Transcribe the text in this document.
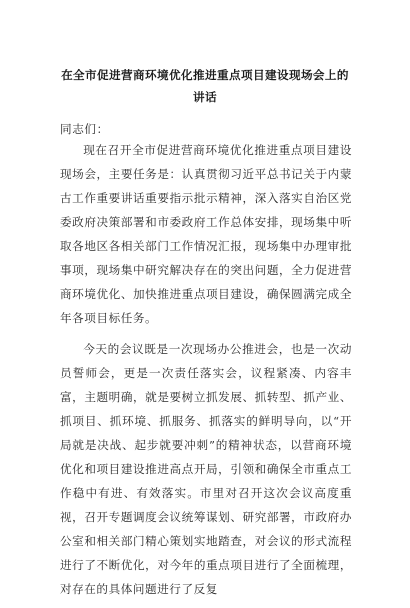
在全市促进营商环境优化推进重点项目建设现场会上的讲话
同志们：

现在召开全市促进营商环境优化推进重点项目建设现场会，主要任务是：认真贯彻习近平总书记关于内蒙古工作重要讲话重要指示批示精神，深入落实自治区党委政府决策部署和市委政府工作总体安排，现场集中听取各地区各相关部门工作情况汇报，现场集中办理审批事项，现场集中研究解决存在的突出问题，全力促进营商环境优化、加快推进重点项目建设，确保圆满完成全年各项目标任务。

今天的会议既是一次现场办公推进会，也是一次动员誓师会，更是一次责任落实会，议程紧凑、内容丰富，主题明确，就是要树立抓发展、抓转型、抓产业、抓项目、抓环境、抓服务、抓落实的鲜明导向，以“开局就是决战、起步就要冲刺”的精神状态，以营商环境优化和项目建设推进高点开局，引领和确保全市重点工作稳中有进、有效落实。市里对召开这次会议高度重视，召开专题调度会议统筹谋划、研究部署，市政府办公室和相关部门精心策划实地踏查，对会议的形式流程进行了不断优化，对今年的重点项目进行了全面梳理，对存在的具体问题进行了反复
